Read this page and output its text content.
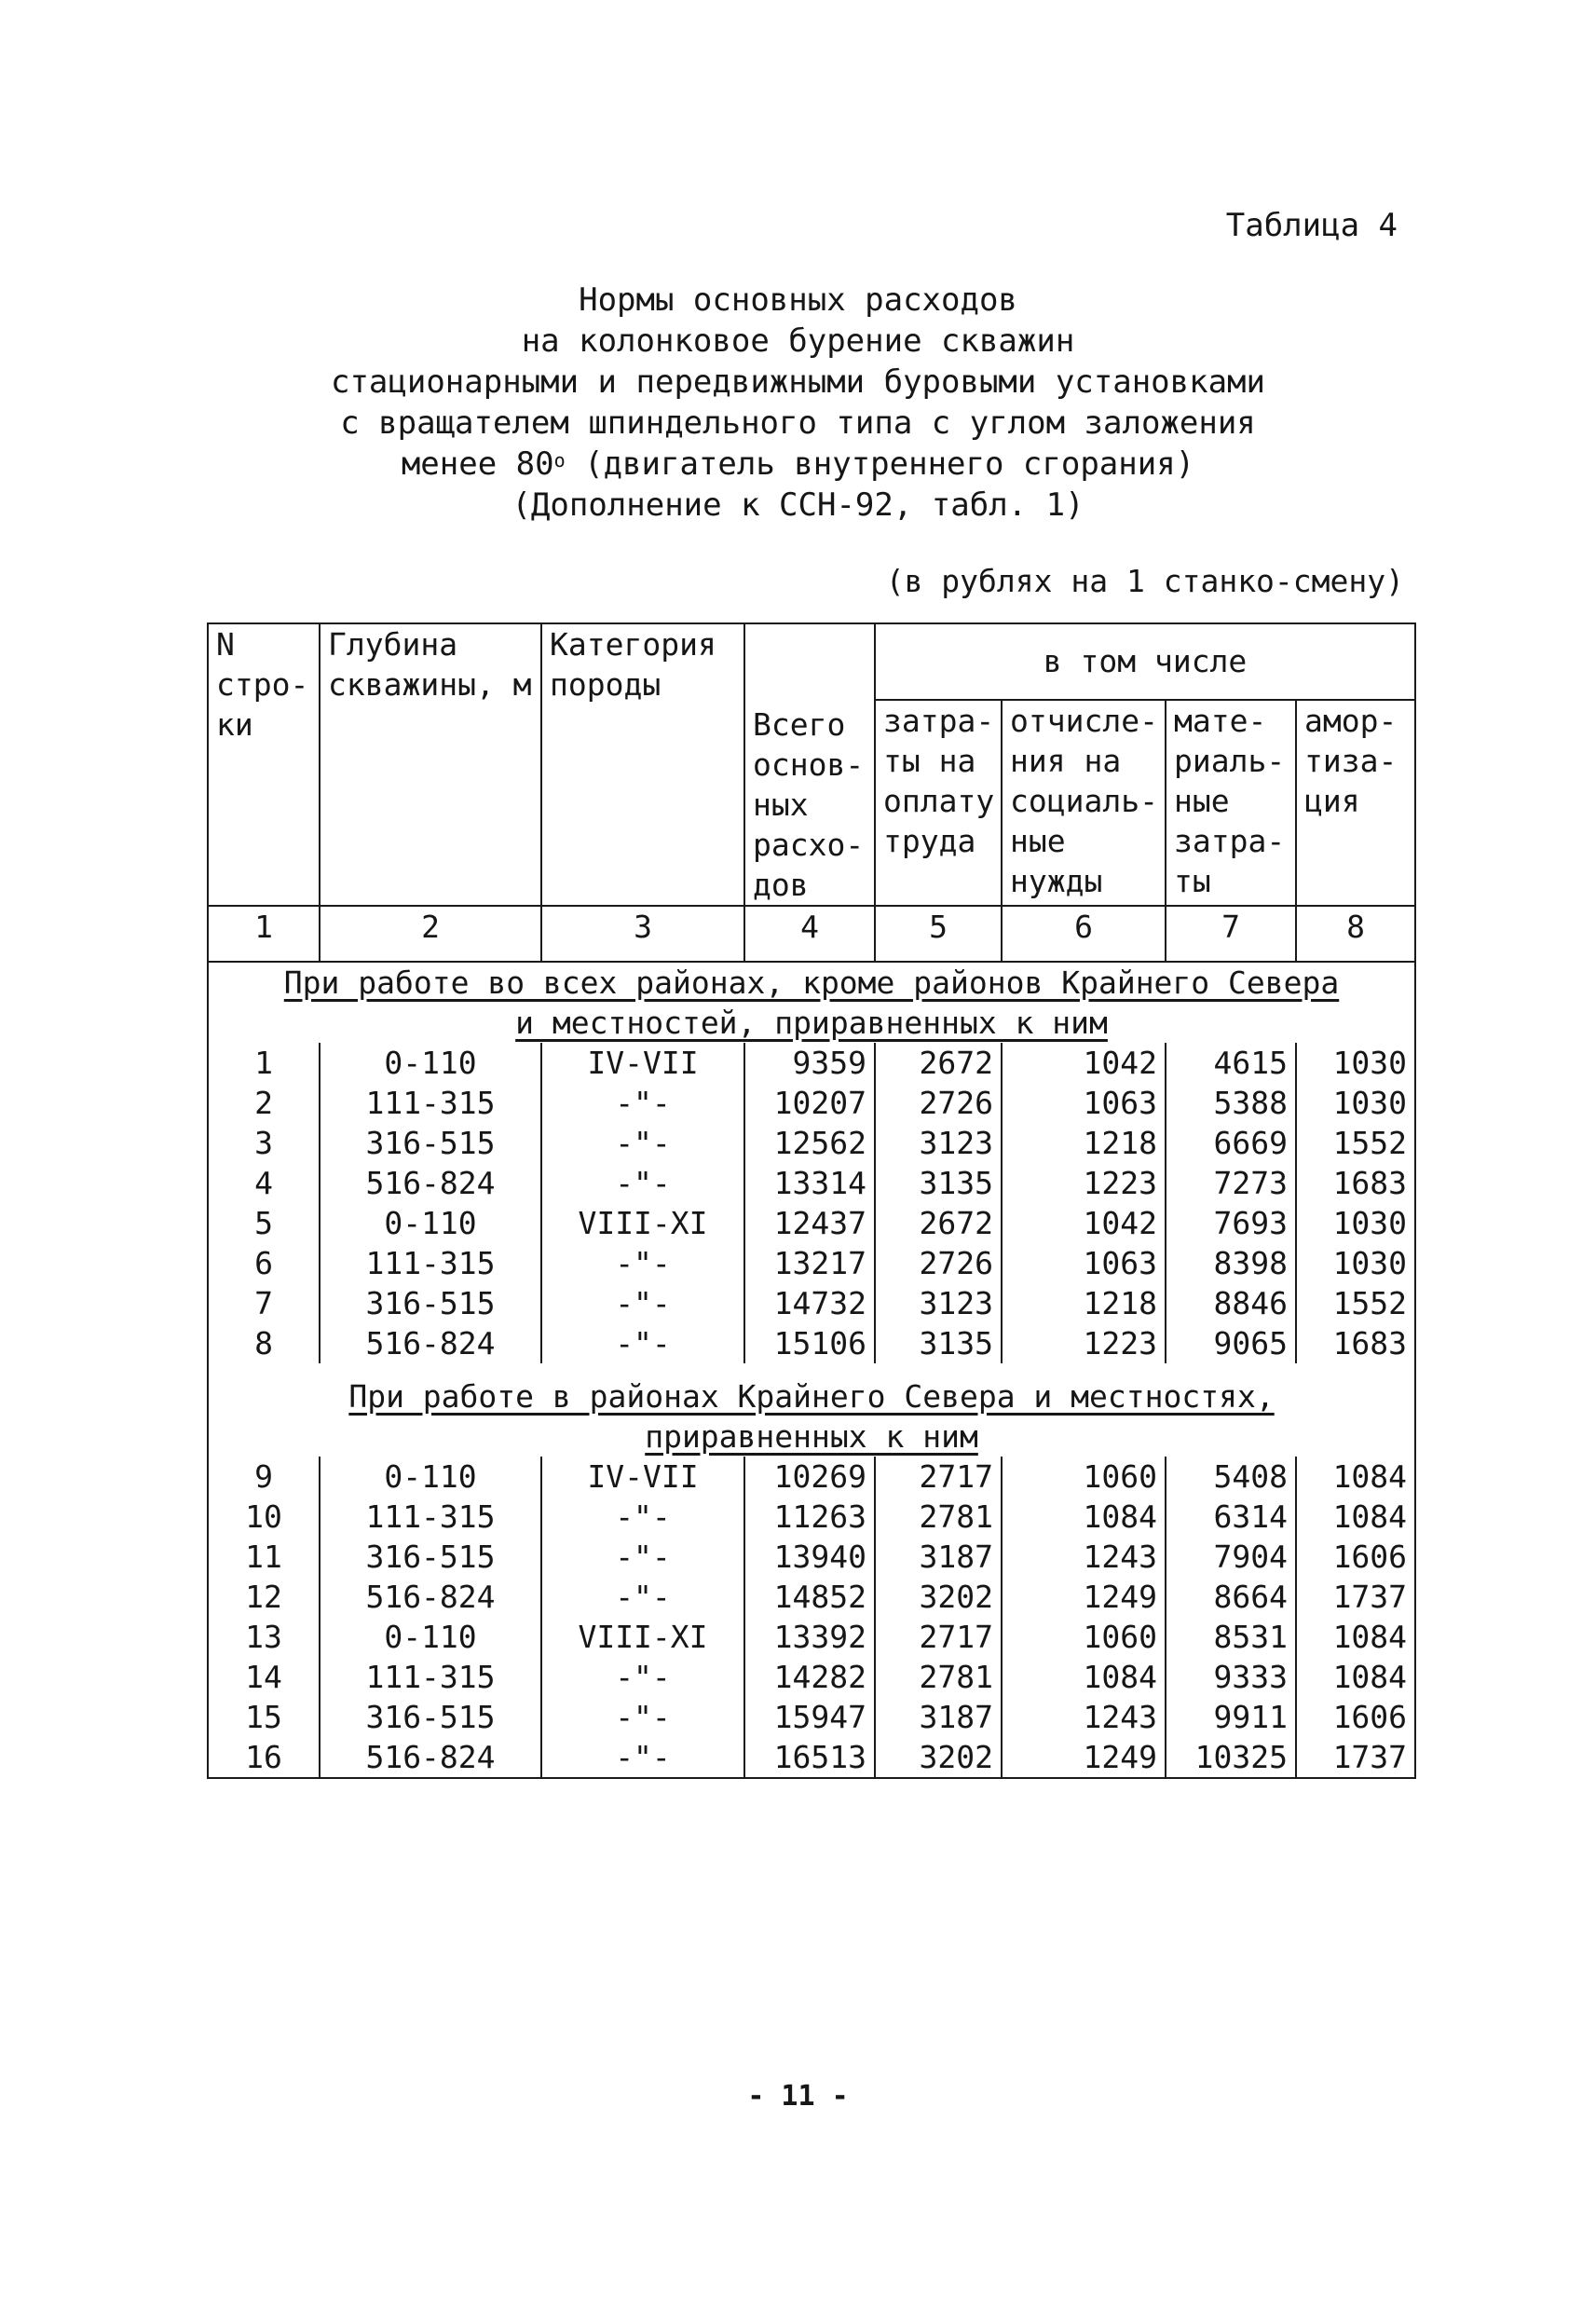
Таблица 4
Нормы основных расходов
на колонковое бурение скважин
стационарными и передвижными буровыми установками
с вращателем шпиндельного типа с углом заложения
менее $80^о$ (двигатель внутреннего сгорания)
(Дополнение к ССН-92, табл. 1)
(в рублях на 1 станко-смену)
N стро- ки	Глубина скважины, м	Категория породы	Всего основ- ных расхо- дов	в том числе			
				затра- ты на оплату труда	отчисле- ния на социаль- ные нужды	мате- риаль- ные затра- ты	амор- тиза- ция
1	2	3	4	5	6	7	8

При работе во всех районах, кроме районов Крайнего Севера
и местностей, приравненных к ним							

1	0-110	IV-VII	9359	2672	1042	4615	1030
2	111-315	-"-	10207	2726	1063	5388	1030
3	316-515	-"-	12562	3123	1218	6669	1552
4	516-824	-"-	13314	3135	1223	7273	1683
5	0-110	VIII-XI	12437	2672	1042	7693	1030
6	111-315	-"-	13217	2726	1063	8398	1030
7	316-515	-"-	14732	3123	1218	8846	1552
8	516-824	-"-	15106	3135	1223	9065	1683

При работе в районах Крайнего Севера и местностях,
приравненных к ним							

9	0-110	IV-VII	10269	2717	1060	5408	1084
10	111-315	-"-	11263	2781	1084	6314	1084
11	316-515	-"-	13940	3187	1243	7904	1606
12	516-824	-"-	14852	3202	1249	8664	1737
13	0-110	VIII-XI	13392	2717	1060	8531	1084
14	111-315	-"-	14282	2781	1084	9333	1084
15	316-515	-"-	15947	3187	1243	9911	1606
16	516-824	-"-	16513	3202	1249	10325	1737
- 11 -
